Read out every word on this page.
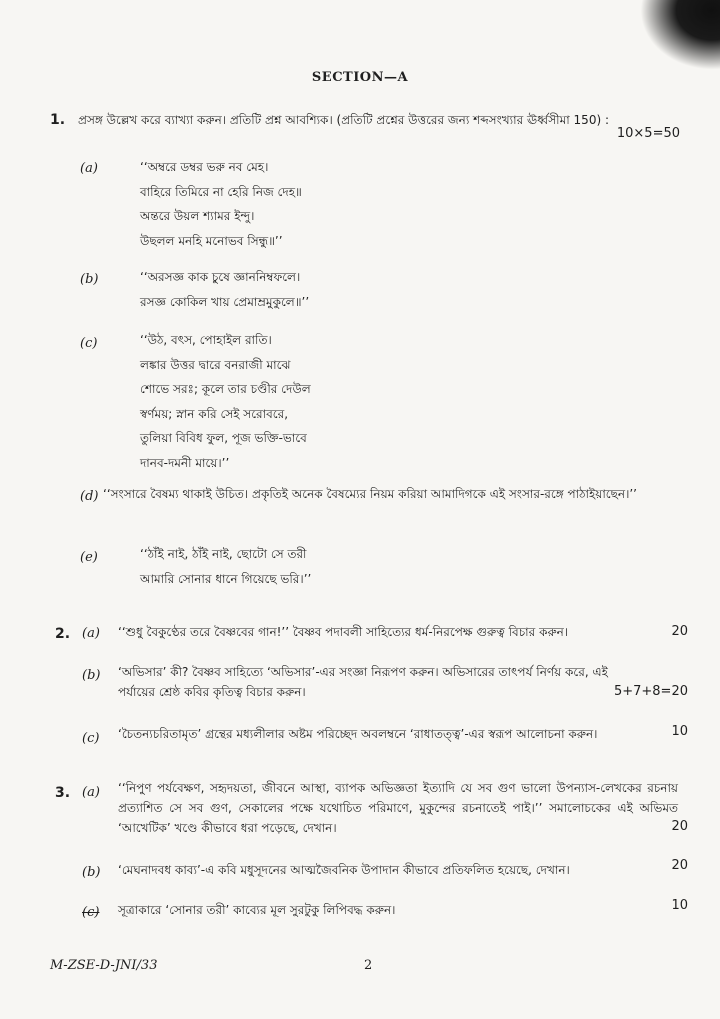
SECTION—A
1. প্রসঙ্গ উল্লেখ করে ব্যাখ্যা করুন। প্রতিটি প্রশ্ন আবশ্যিক। (প্রতিটি প্রশ্নের উত্তরের জন্য শব্দসংখ্যার ঊর্ধ্বসীমা 150) :
10×5=50
(a)	‘‘অম্বরে ডম্বর ভরু নব মেহ।
বাহিরে তিমিরে না হেরি নিজ দেহ॥
অন্তরে উয়ল শ্যামর ইন্দু।
উছলল মনহি মনোভব সিন্ধু॥’’
(b)	‘‘অরসজ্ঞ কাক চুষে জ্ঞাননিম্বফলে।
রসজ্ঞ কোকিল খায় প্রেমাম্রমুকুলে॥’’
(c)	‘‘উঠ, বৎস, পোহাইল রাতি।
লঙ্কার উত্তর দ্বারে বনরাজী মাঝে
শোভে সরঃ; কূলে তার চণ্ডীর দেউল
স্বর্ণময়; স্নান করি সেই সরোবরে,
তুলিয়া বিবিধ ফুল, পূজ ভক্তি-ভাবে
দানব-দমনী মায়ে।’’
(d) ‘‘সংসারে বৈষম্য থাকাই উচিত। প্রকৃতিই অনেক বৈষম্যের নিয়ম করিয়া আমাদিগকে এই সংসার-রঙ্গে পাঠাইয়াছেন।’’
(e)	‘‘ঠাঁই নাই, ঠাঁই নাই, ছোটো সে তরী
আমারি সোনার ধানে গিয়েছে ভরি।’’
2. (a) ‘‘শুধু বৈকুণ্ঠের তরে বৈষ্ণবের গান!’’ বৈষ্ণব পদাবলী সাহিত্যের ধর্ম-নিরপেক্ষ গুরুত্ব বিচার করুন।	20
(b) ‘অভিসার’ কী? বৈষ্ণব সাহিত্যে ‘অভিসার’-এর সংজ্ঞা নিরূপণ করুন। অভিসারের তাৎপর্য নির্ণয় করে, এই পর্যায়ের শ্রেষ্ঠ কবির কৃতিত্ব বিচার করুন।	5+7+8=20
(c) ‘চৈতন্যচরিতামৃত’ গ্রন্থের মধ্যলীলার অষ্টম পরিচ্ছেদ অবলম্বনে ‘রাধাতত্ত্ব’-এর স্বরূপ আলোচনা করুন।	10
3. (a) ‘‘নিপুণ পর্যবেক্ষণ, সহৃদয়তা, জীবনে আস্থা, ব্যাপক অভিজ্ঞতা ইত্যাদি যে সব গুণ ভালো উপন্যাস-লেখকের রচনায় প্রত্যাশিত সে সব গুণ, সেকালের পক্ষে যথোচিত পরিমাণে, মুকুন্দের রচনাতেই পাই।’’ সমালোচকের এই অভিমত ‘আখেটিক’ খণ্ডে কীভাবে ধরা পড়েছে, দেখান।	20
(b) ‘মেঘনাদবধ কাব্য’-এ কবি মধুসূদনের আত্মজৈবনিক উপাদান কীভাবে প্রতিফলিত হয়েছে, দেখান।	20
(c) সূত্রাকারে ‘সোনার তরী’ কাব্যের মূল সুরটুকু লিপিবদ্ধ করুন।	10
M-ZSE-D-JNI/33	2
